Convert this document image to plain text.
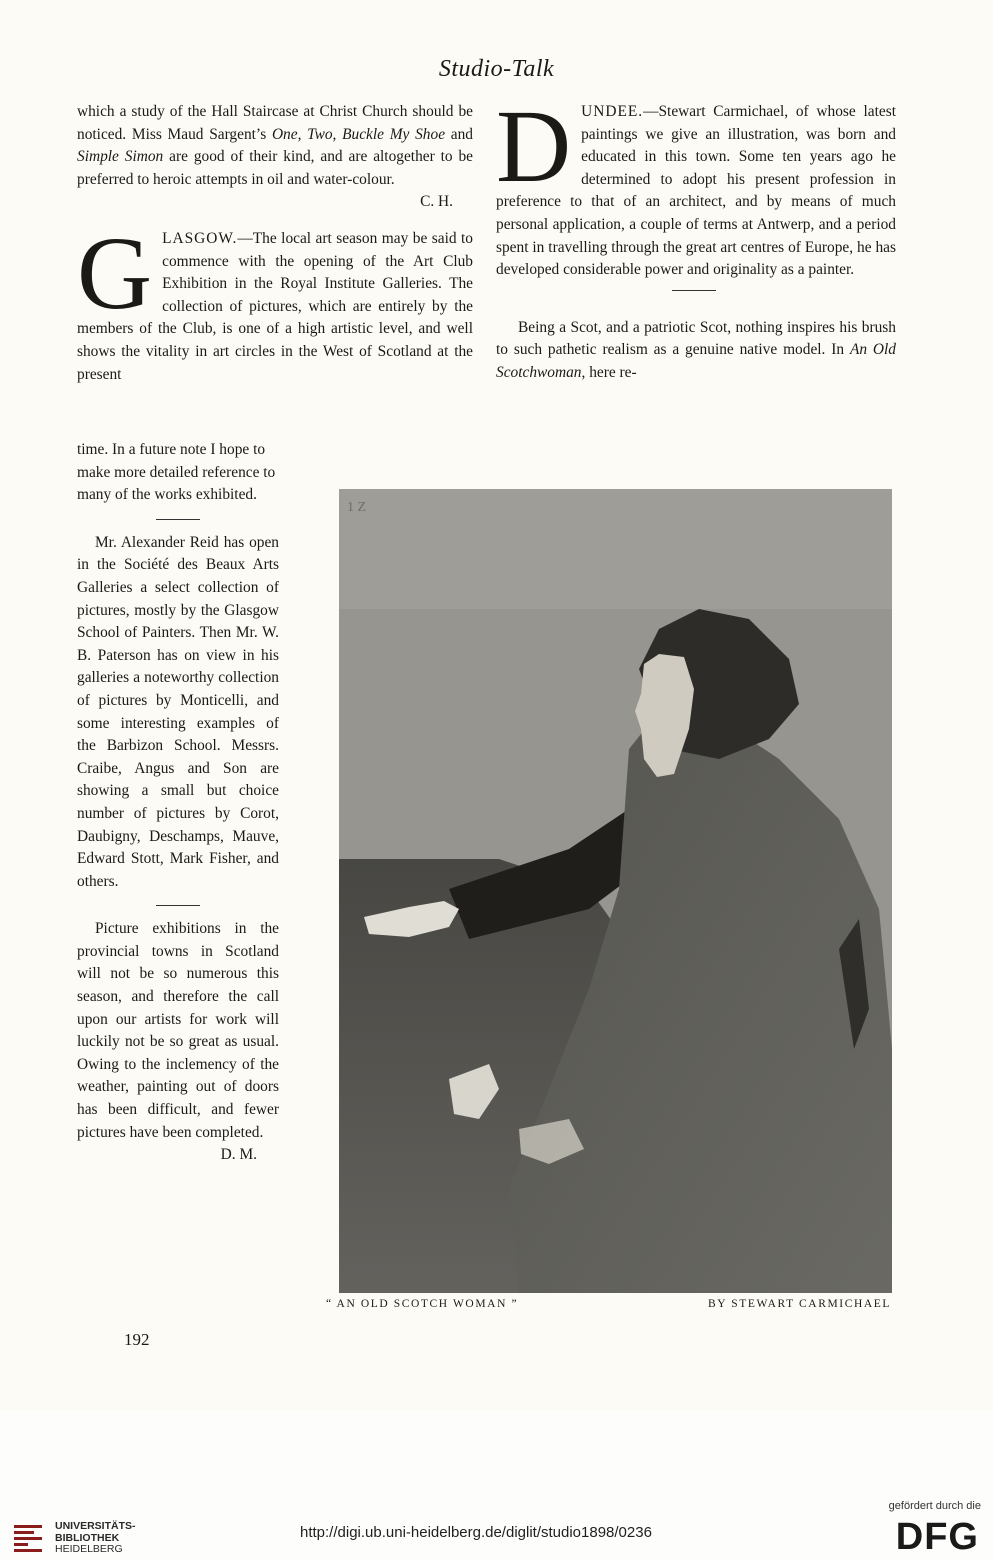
Studio-Talk

which a study of the Hall Staircase at Christ Church should be noticed. Miss Maud Sargent’s One, Two, Buckle My Shoe and Simple Simon are good of their kind, and are altogether to be preferred to heroic attempts in oil and water-colour.

C. H.

GLASGOW.—The local art season may be said to commence with the opening of the Art Club Exhibition in the Royal Institute Galleries. The collection of pictures, which are entirely by the members of the Club, is one of a high artistic level, and well shows the vitality in art circles in the West of Scotland at the present

time. In a future note I hope to make more detailed reference to many of the works exhibited.

Mr. Alexander Reid has open in the Société des Beaux Arts Galleries a select collection of pictures, mostly by the Glasgow School of Painters. Then Mr. W. B. Paterson has on view in his galleries a noteworthy collection of pictures by Monticelli, and some interesting examples of the Barbizon School. Messrs. Craibe, Angus and Son are showing a small but choice number of pictures by Corot, Daubigny, Deschamps, Mauve, Edward Stott, Mark Fisher, and others.

Picture exhibitions in the provincial towns in Scotland will not be so numerous this season, and therefore the call upon our artists for work will luckily not be so great as usual. Owing to the inclemency of the weather, painting out of doors has been difficult, and fewer pictures have been completed.

D. M.

DUNDEE.—Stewart Carmichael, of whose latest paintings we give an illustration, was born and educated in this town. Some ten years ago he determined to adopt his present profession in preference to that of an architect, and by means of much personal application, a couple of terms at Antwerp, and a period spent in travelling through the great art centres of Europe, he has developed considerable power and originality as a painter.

Being a Scot, and a patriotic Scot, nothing inspires his brush to such pathetic realism as a genuine native model. In An Old Scotchwoman, here re-

1 Z
“ AN OLD SCOTCH WOMAN ”	BY STEWART CARMICHAEL
192
UNIVERSITÄTS-
BIBLIOTHEK
HEIDELBERG
http://digi.ub.uni-heidelberg.de/diglit/studio1898/0236
gefördert durch die
DFG
